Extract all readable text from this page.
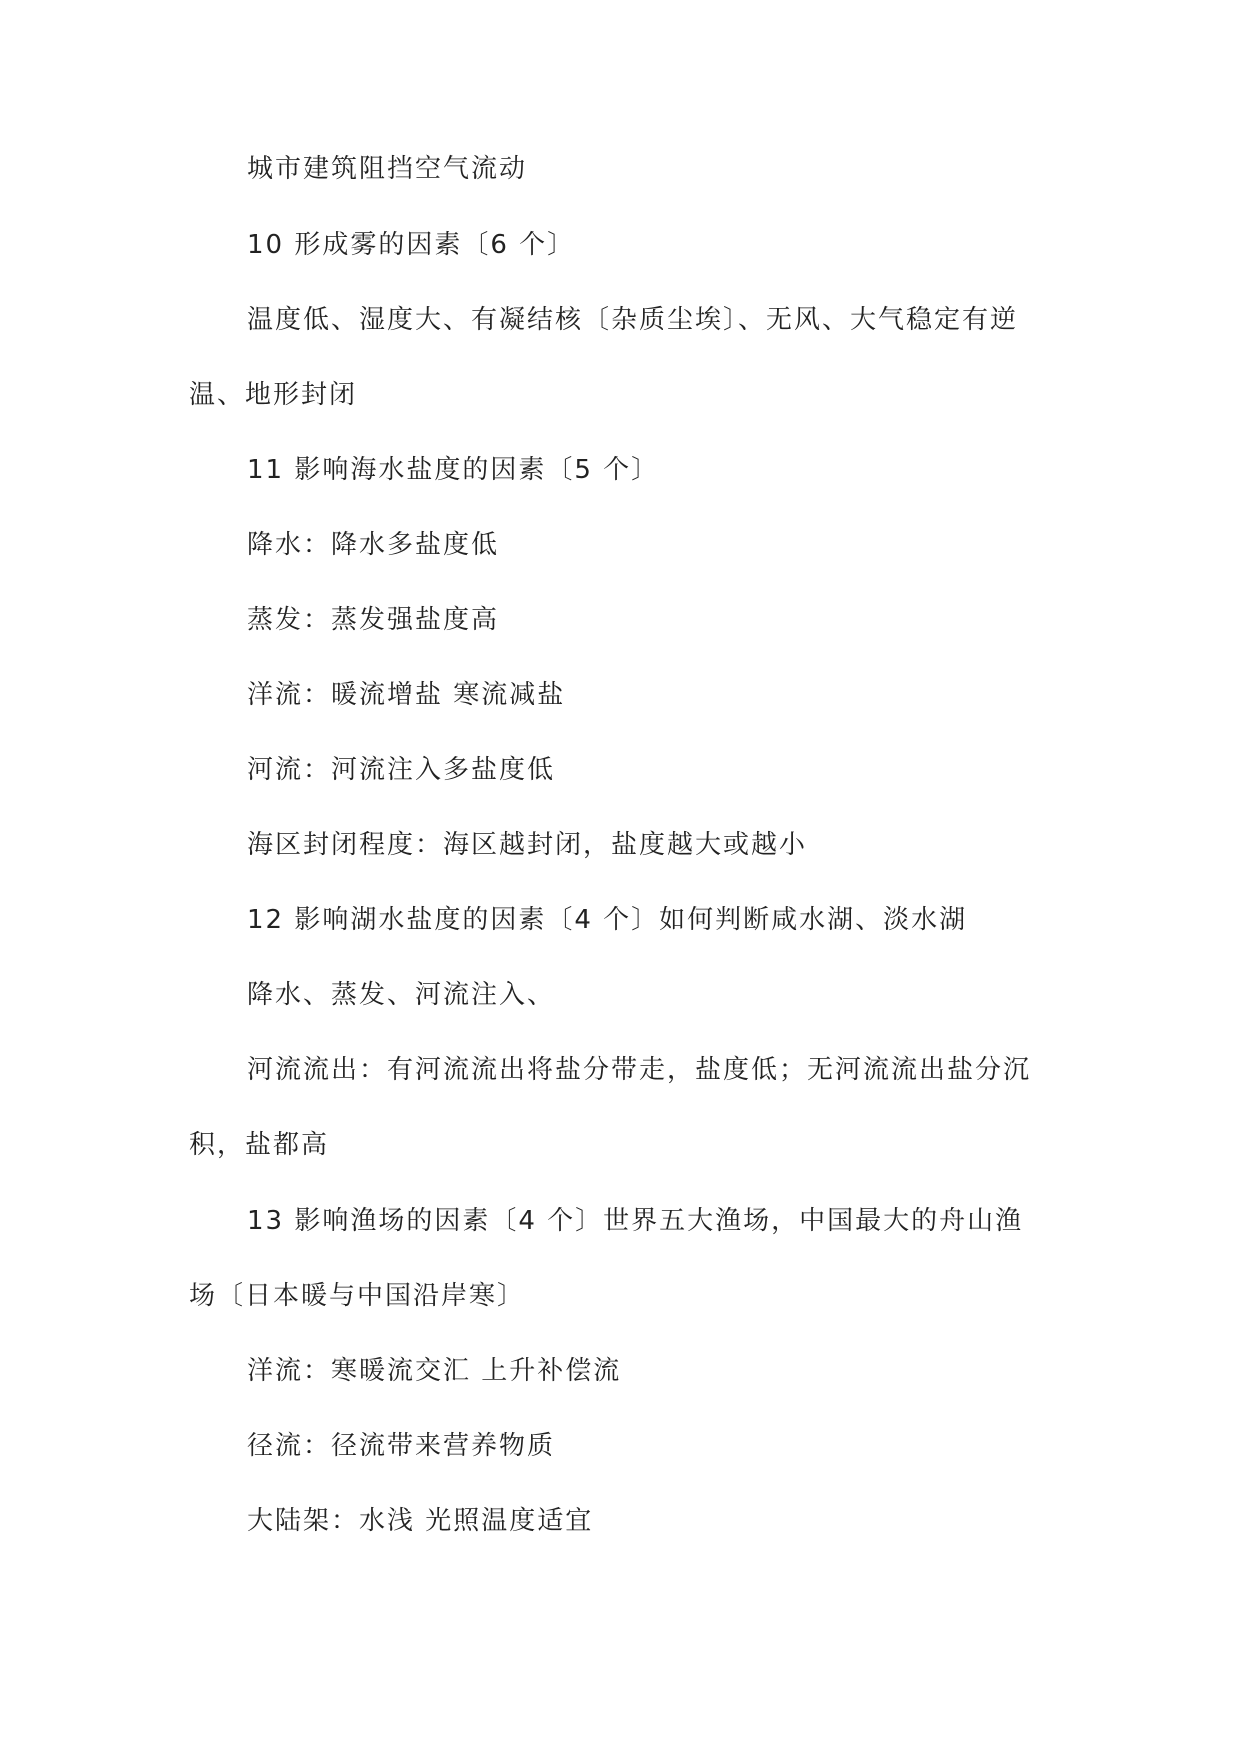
城市建筑阻挡空气流动
10 形成雾的因素〔6 个〕
温度低、湿度大、有凝结核〔杂质尘埃〕、无风、大气稳定有逆
温、地形封闭
11 影响海水盐度的因素〔5 个〕
降水：降水多盐度低
蒸发：蒸发强盐度高
洋流：暖流增盐 寒流减盐
河流：河流注入多盐度低
海区封闭程度：海区越封闭，盐度越大或越小
12 影响湖水盐度的因素〔4 个〕如何判断咸水湖、淡水湖
降水、蒸发、河流注入、
河流流出：有河流流出将盐分带走，盐度低；无河流流出盐分沉
积，盐都高
13 影响渔场的因素〔4 个〕世界五大渔场，中国最大的舟山渔
场〔日本暖与中国沿岸寒〕
洋流：寒暖流交汇 上升补偿流
径流：径流带来营养物质
大陆架：水浅 光照温度适宜
